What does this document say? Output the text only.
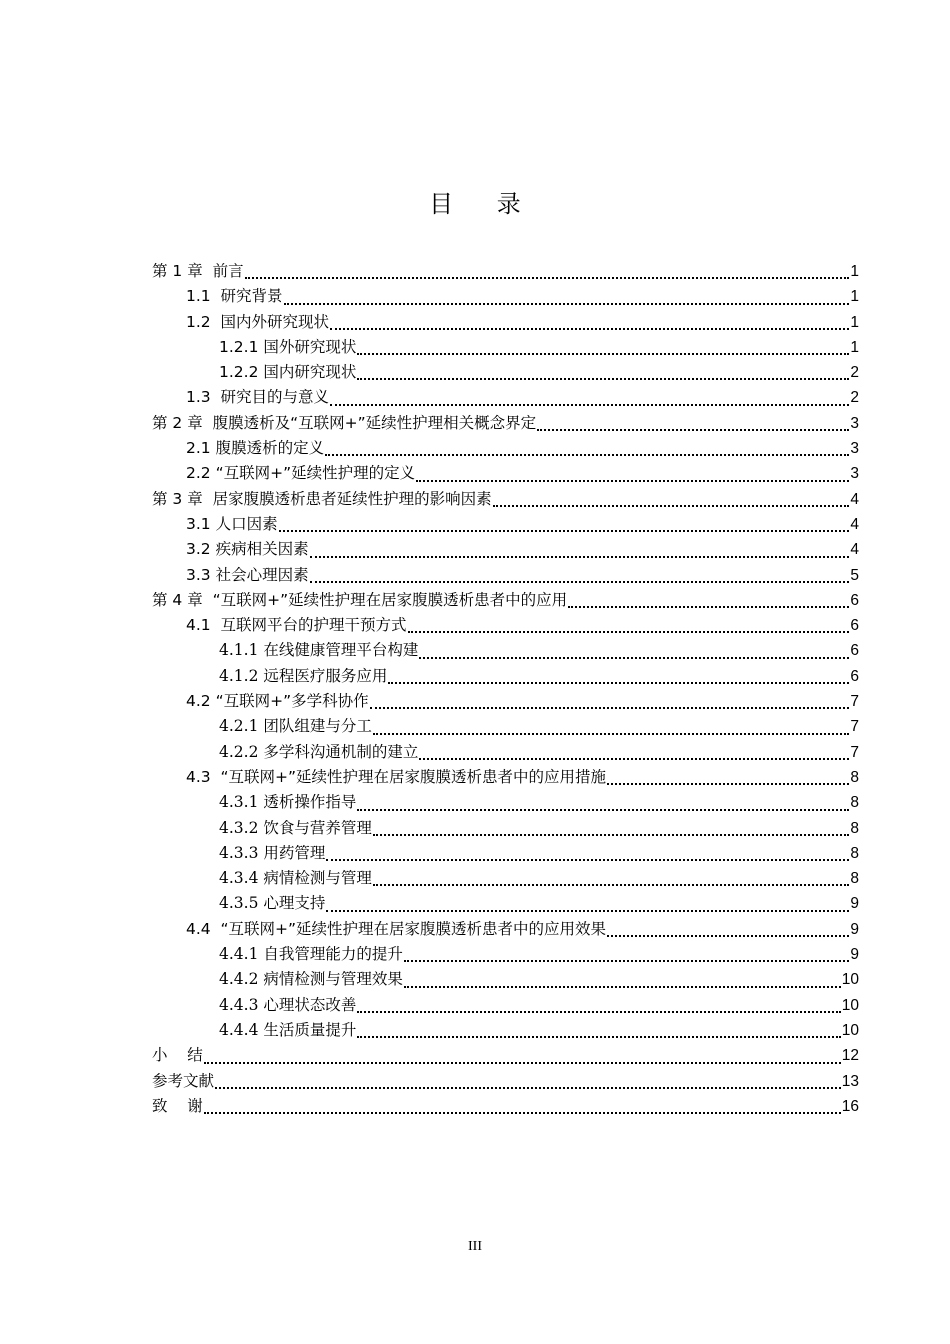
目 录
第 1 章  前言	1
1.1  研究背景	1
1.2  国内外研究现状	1
1.2.1 国外研究现状	1
1.2.2 国内研究现状	2
1.3  研究目的与意义	2
第 2 章  腹膜透析及“互联网+”延续性护理相关概念界定	3
2.1 腹膜透析的定义	3
2.2 “互联网+”延续性护理的定义	3
第 3 章  居家腹膜透析患者延续性护理的影响因素	4
3.1 人口因素	4
3.2 疾病相关因素	4
3.3 社会心理因素	5
第 4 章  “互联网+”延续性护理在居家腹膜透析患者中的应用	6
4.1  互联网平台的护理干预方式	6
4.1.1 在线健康管理平台构建	6
4.1.2 远程医疗服务应用	6
4.2 “互联网+”多学科协作	7
4.2.1 团队组建与分工	7
4.2.2 多学科沟通机制的建立	7
4.3  “互联网+”延续性护理在居家腹膜透析患者中的应用措施	8
4.3.1 透析操作指导	8
4.3.2 饮食与营养管理	8
4.3.3 用药管理	8
4.3.4 病情检测与管理	8
4.3.5 心理支持	9
4.4  “互联网+”延续性护理在居家腹膜透析患者中的应用效果	9
4.4.1 自我管理能力的提升	9
4.4.2 病情检测与管理效果	10
4.4.3 心理状态改善	10
4.4.4 生活质量提升	10
小    结	12
参考文献	13
致    谢	16
III
